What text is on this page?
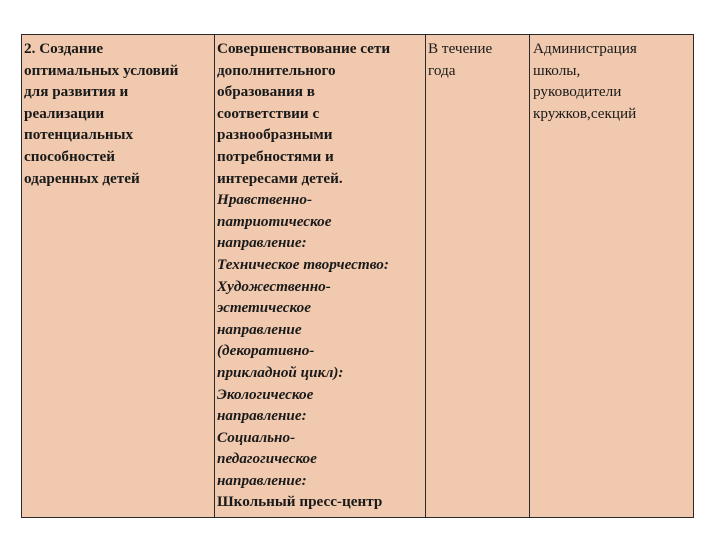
2. Создание
оптимальных условий
для развития и
реализации
потенциальных
способностей
одаренных детей
Совершенствование сети
дополнительного
образования в
соответствии с
разнообразными
потребностями и
интересами детей.
Нравственно-
патриотическое
направление:
Техническое творчество:
Художественно-
эстетическое
направление
(декоративно-
прикладной цикл):
Экологическое
направление:
Социально-
педагогическое
направление:
Школьный пресс-центр
В течение
года
Администрация
школы,
руководители
кружков,секций
